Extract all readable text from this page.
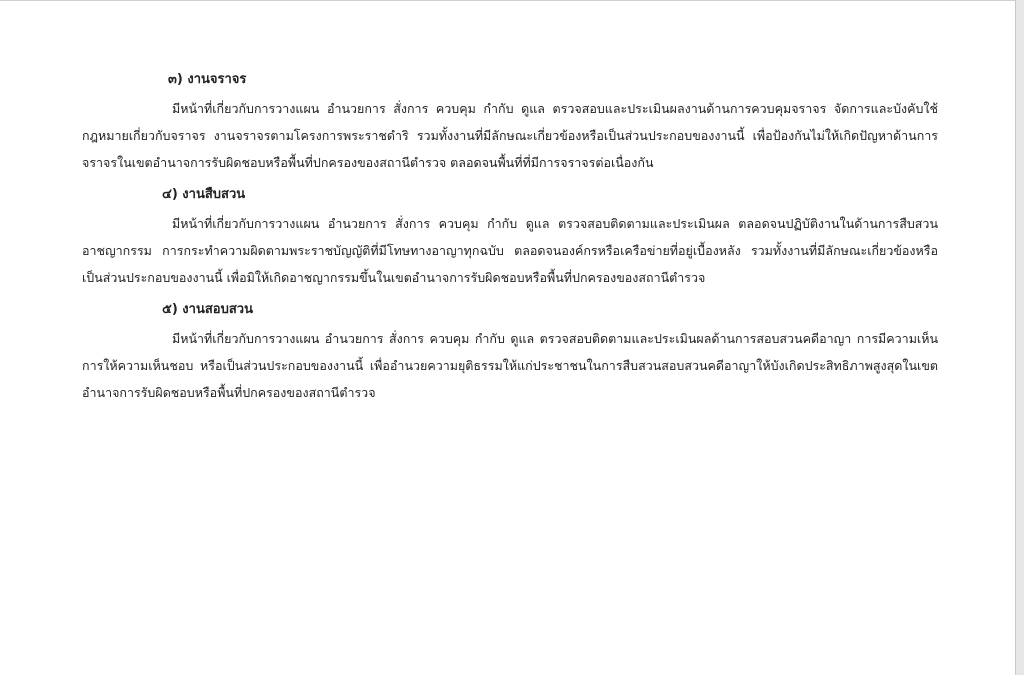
๓) งานจราจร

มีหน้าที่เกี่ยวกับการวางแผน อำนวยการ สั่งการ ควบคุม กำกับ ดูแล ตรวจสอบและประเมินผลงานด้านการควบคุมจราจร จัดการและบังคับใช้กฎหมายเกี่ยวกับจราจร งานจราจรตามโครงการพระราชดำริ รวมทั้งงานที่มีลักษณะเกี่ยวข้องหรือเป็นส่วนประกอบของงานนี้ เพื่อป้องกันไม่ให้เกิดปัญหาด้านการจราจรในเขตอำนาจการรับผิดชอบหรือพื้นที่ปกครองของสถานีตำรวจ ตลอดจนพื้นที่ที่มีการจราจรต่อเนื่องกัน

๔) งานสืบสวน

มีหน้าที่เกี่ยวกับการวางแผน อำนวยการ สั่งการ ควบคุม กำกับ ดูแล ตรวจสอบติดตามและประเมินผล ตลอดจนปฏิบัติงานในด้านการสืบสวนอาชญากรรม การกระทำความผิดตามพระราชบัญญัติที่มีโทษทางอาญาทุกฉบับ ตลอดจนองค์กรหรือเครือข่ายที่อยู่เบื้องหลัง รวมทั้งงานที่มีลักษณะเกี่ยวข้องหรือเป็นส่วนประกอบของงานนี้ เพื่อมิให้เกิดอาชญากรรมขึ้นในเขตอำนาจการรับผิดชอบหรือพื้นที่ปกครองของสถานีตำรวจ

๕) งานสอบสวน

มีหน้าที่เกี่ยวกับการวางแผน อำนวยการ สั่งการ ควบคุม กำกับ ดูแล ตรวจสอบติดตามและประเมินผลด้านการสอบสวนคดีอาญา การมีความเห็น การให้ความเห็นชอบ หรือเป็นส่วนประกอบของงานนี้ เพื่ออำนวยความยุติธรรมให้แก่ประชาชนในการสืบสวนสอบสวนคดีอาญาให้บังเกิดประสิทธิภาพสูงสุดในเขตอำนาจการรับผิดชอบหรือพื้นที่ปกครองของสถานีตำรวจ
